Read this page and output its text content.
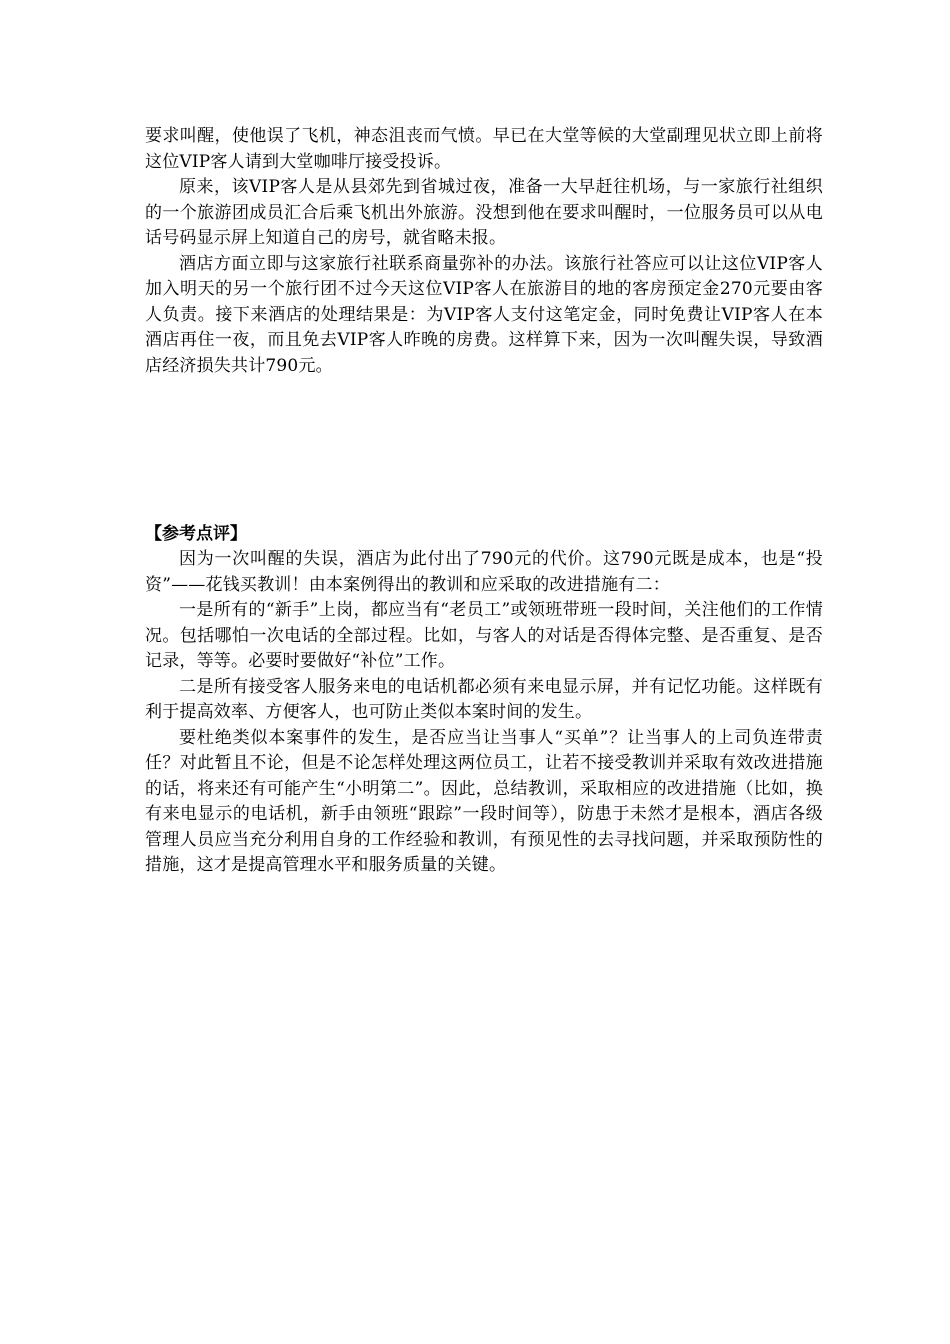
要求叫醒，使他误了飞机，神态沮丧而气愤。早已在大堂等候的大堂副理见状立即上前将这位VIP客人请到大堂咖啡厅接受投诉。

原来，该VIP客人是从县郊先到省城过夜，准备一大早赶往机场，与一家旅行社组织的一个旅游团成员汇合后乘飞机出外旅游。没想到他在要求叫醒时，一位服务员可以从电话号码显示屏上知道自己的房号，就省略未报。

酒店方面立即与这家旅行社联系商量弥补的办法。该旅行社答应可以让这位VIP客人加入明天的另一个旅行团不过今天这位VIP客人在旅游目的地的客房预定金270元要由客人负责。接下来酒店的处理结果是：为VIP客人支付这笔定金，同时免费让VIP客人在本酒店再住一夜，而且免去VIP客人昨晚的房费。这样算下来，因为一次叫醒失误，导致酒店经济损失共计790元。

【参考点评】

因为一次叫醒的失误，酒店为此付出了790元的代价。这790元既是成本，也是“投资”——花钱买教训！由本案例得出的教训和应采取的改进措施有二：

一是所有的“新手”上岗，都应当有“老员工”或领班带班一段时间，关注他们的工作情况。包括哪怕一次电话的全部过程。比如，与客人的对话是否得体完整、是否重复、是否记录，等等。必要时要做好“补位”工作。

二是所有接受客人服务来电的电话机都必须有来电显示屏，并有记忆功能。这样既有利于提高效率、方便客人，也可防止类似本案时间的发生。

要杜绝类似本案事件的发生，是否应当让当事人“买单”？让当事人的上司负连带责任？对此暂且不论，但是不论怎样处理这两位员工，让若不接受教训并采取有效改进措施的话，将来还有可能产生“小明第二”。因此，总结教训，采取相应的改进措施（比如，换有来电显示的电话机，新手由领班“跟踪”一段时间等），防患于未然才是根本，酒店各级管理人员应当充分利用自身的工作经验和教训，有预见性的去寻找问题，并采取预防性的措施，这才是提高管理水平和服务质量的关键。
